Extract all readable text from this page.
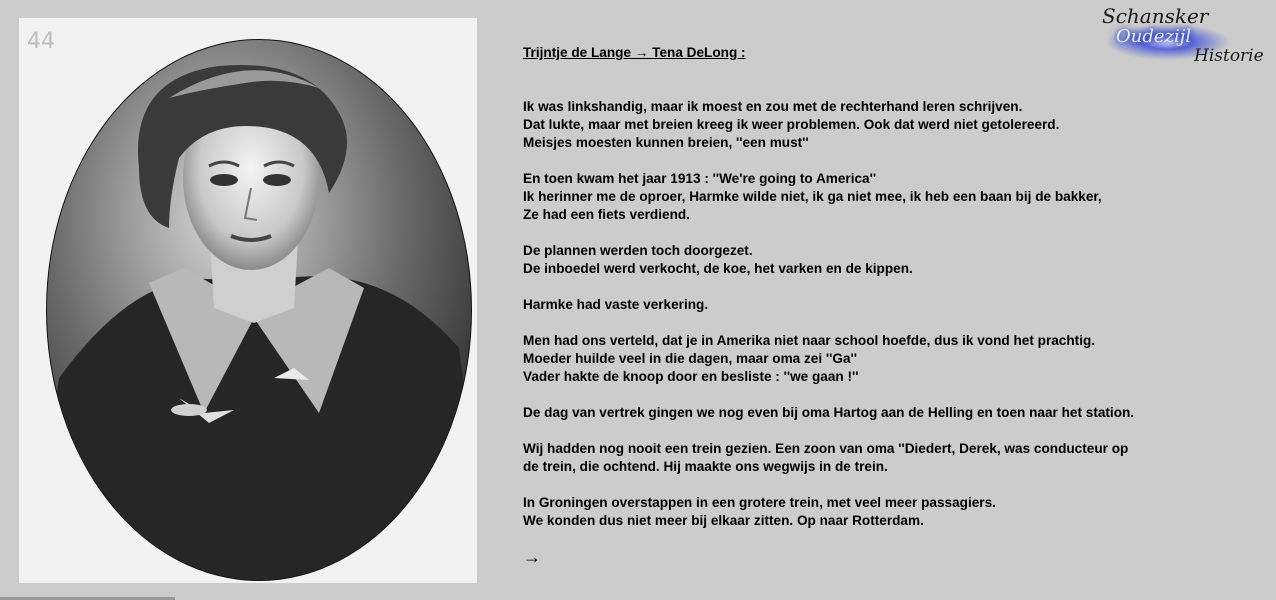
44
Schansker
Oudezijl
Historie
Trijntje de Lange → Tena DeLong :
Ik was linkshandig, maar ik moest en zou met de rechterhand leren schrijven.
Dat lukte, maar met breien kreeg ik weer problemen. Ook dat werd niet getolereerd.
Meisjes moesten kunnen breien, ''een must''
En toen kwam het jaar 1913 : ''We're going to America''
Ik herinner me de oproer, Harmke wilde niet, ik ga niet mee, ik heb een baan bij de bakker,
Ze had een fiets verdiend.
De plannen werden toch doorgezet.
De inboedel werd verkocht, de koe, het varken en de kippen.
Harmke had vaste verkering.
Men had ons verteld, dat je in Amerika niet naar school hoefde, dus ik vond het prachtig.
Moeder huilde veel in die dagen, maar oma zei ''Ga''
Vader hakte de knoop door en besliste : ''we gaan !''
De dag van vertrek gingen we nog even bij oma Hartog aan de Helling en toen naar het station.
Wij hadden nog nooit een trein gezien. Een zoon van oma ''Diedert, Derek, was conducteur op
de trein, die ochtend. Hij maakte ons wegwijs in de trein.
In Groningen overstappen in een grotere trein, met veel meer passagiers.
We konden dus niet meer bij elkaar zitten. Op naar Rotterdam.
→
